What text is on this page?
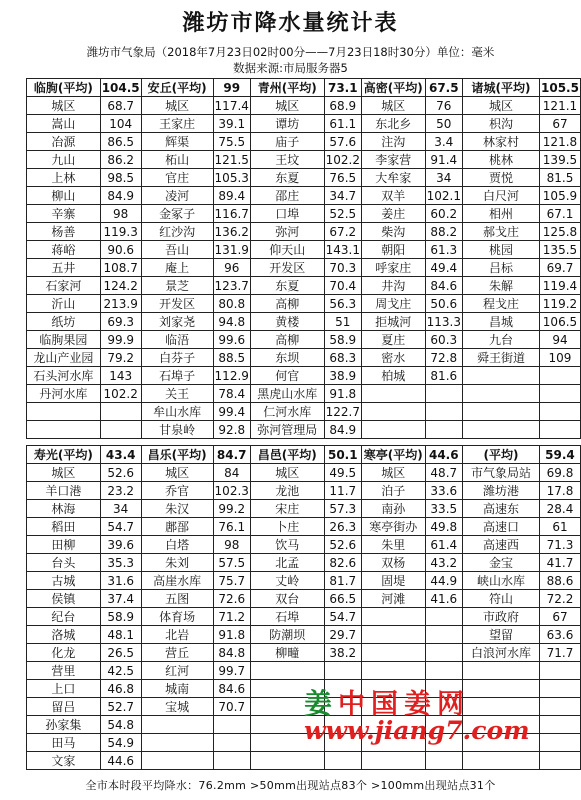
潍坊市降水量统计表
潍坊市气象局（2018年7月23日02时00分——7月23日18时30分）单位：毫米
数据来源:市局服务器5
临朐(平均)	104.5	安丘(平均)	99	青州(平均)	73.1	高密(平均)	67.5	诸城(平均)	105.5
城区	68.7	城区	117.4	城区	68.9	城区	76	城区	121.1
嵩山	104	王家庄	39.1	谭坊	61.1	东北乡	50	枳沟	67
冶源	86.5	辉渠	75.5	庙子	57.6	注沟	3.4	林家村	121.8
九山	86.2	柘山	121.5	王坟	102.2	李家营	91.4	桃林	139.5
上林	98.5	官庄	105.3	东夏	76.5	大牟家	34	贾悦	81.5
柳山	84.9	凌河	89.4	邵庄	34.7	双羊	102.1	白尺河	105.9
辛寨	98	金冢子	116.7	口埠	52.5	姜庄	60.2	相州	67.1
杨善	119.3	红沙沟	136.2	弥河	67.2	柴沟	88.2	郝戈庄	125.8
蒋峪	90.6	吾山	131.9	仰天山	143.1	朝阳	61.3	桃园	135.5
五井	108.7	庵上	96	开发区	70.3	呼家庄	49.4	吕标	69.7
石家河	124.2	景芝	123.7	东夏	70.4	井沟	84.6	朱解	119.4
沂山	213.9	开发区	80.8	高柳	56.3	周戈庄	50.6	程戈庄	119.2
纸坊	69.3	刘家尧	94.8	黄楼	51	拒城河	113.3	昌城	106.5
临朐果园	99.9	临浯	99.6	高柳	58.9	夏庄	60.3	九台	94
龙山产业园	79.2	白芬子	88.5	东坝	68.3	密水	72.8	舜王街道	109
石头河水库	143	石埠子	112.9	何官	38.9	柏城	81.6		
丹河水库	102.2	关王	78.4	黑虎山水库	91.8				
		牟山水库	99.4	仁河水库	122.7				
		甘泉岭	92.8	弥河管理局	84.9				

寿光(平均)	43.4	昌乐(平均)	84.7	昌邑(平均)	50.1	寒亭(平均)	44.6	(平均)	59.4
城区	52.6	城区	84	城区	49.5	城区	48.7	市气象局站	69.8
羊口港	23.2	乔官	102.3	龙池	11.7	泊子	33.6	潍坊港	17.8
林海	34	朱汉	99.2	宋庄	57.3	南孙	33.5	高速东	28.4
稻田	54.7	鄌郚	76.1	卜庄	26.3	寒亭街办	49.8	高速口	61
田柳	39.6	白塔	98	饮马	52.6	朱里	61.4	高速西	71.3
台头	35.3	朱刘	57.5	北孟	82.6	双杨	43.2	金宝	41.7
古城	31.6	高崖水库	75.7	丈岭	81.7	固堤	44.9	峡山水库	88.6
侯镇	37.4	五图	72.6	双台	66.5	河滩	41.6	符山	72.2
纪台	58.9	体育场	71.2	石埠	54.7			市政府	67
洛城	48.1	北岩	91.8	防潮坝	29.7			望留	63.6
化龙	26.5	营丘	84.8	柳疃	38.2			白浪河水库	71.7
营里	42.5	红河	99.7						
上口	46.8	城南	84.6						
留吕	52.7	宝城	70.7						
孙家集	54.8								
田马	54.9								
文家	44.6								
全市本时段平均降水：76.2mm >50mm出现站点83个 >100mm出现站点31个
姜 中国姜网
www.jiang7.com
